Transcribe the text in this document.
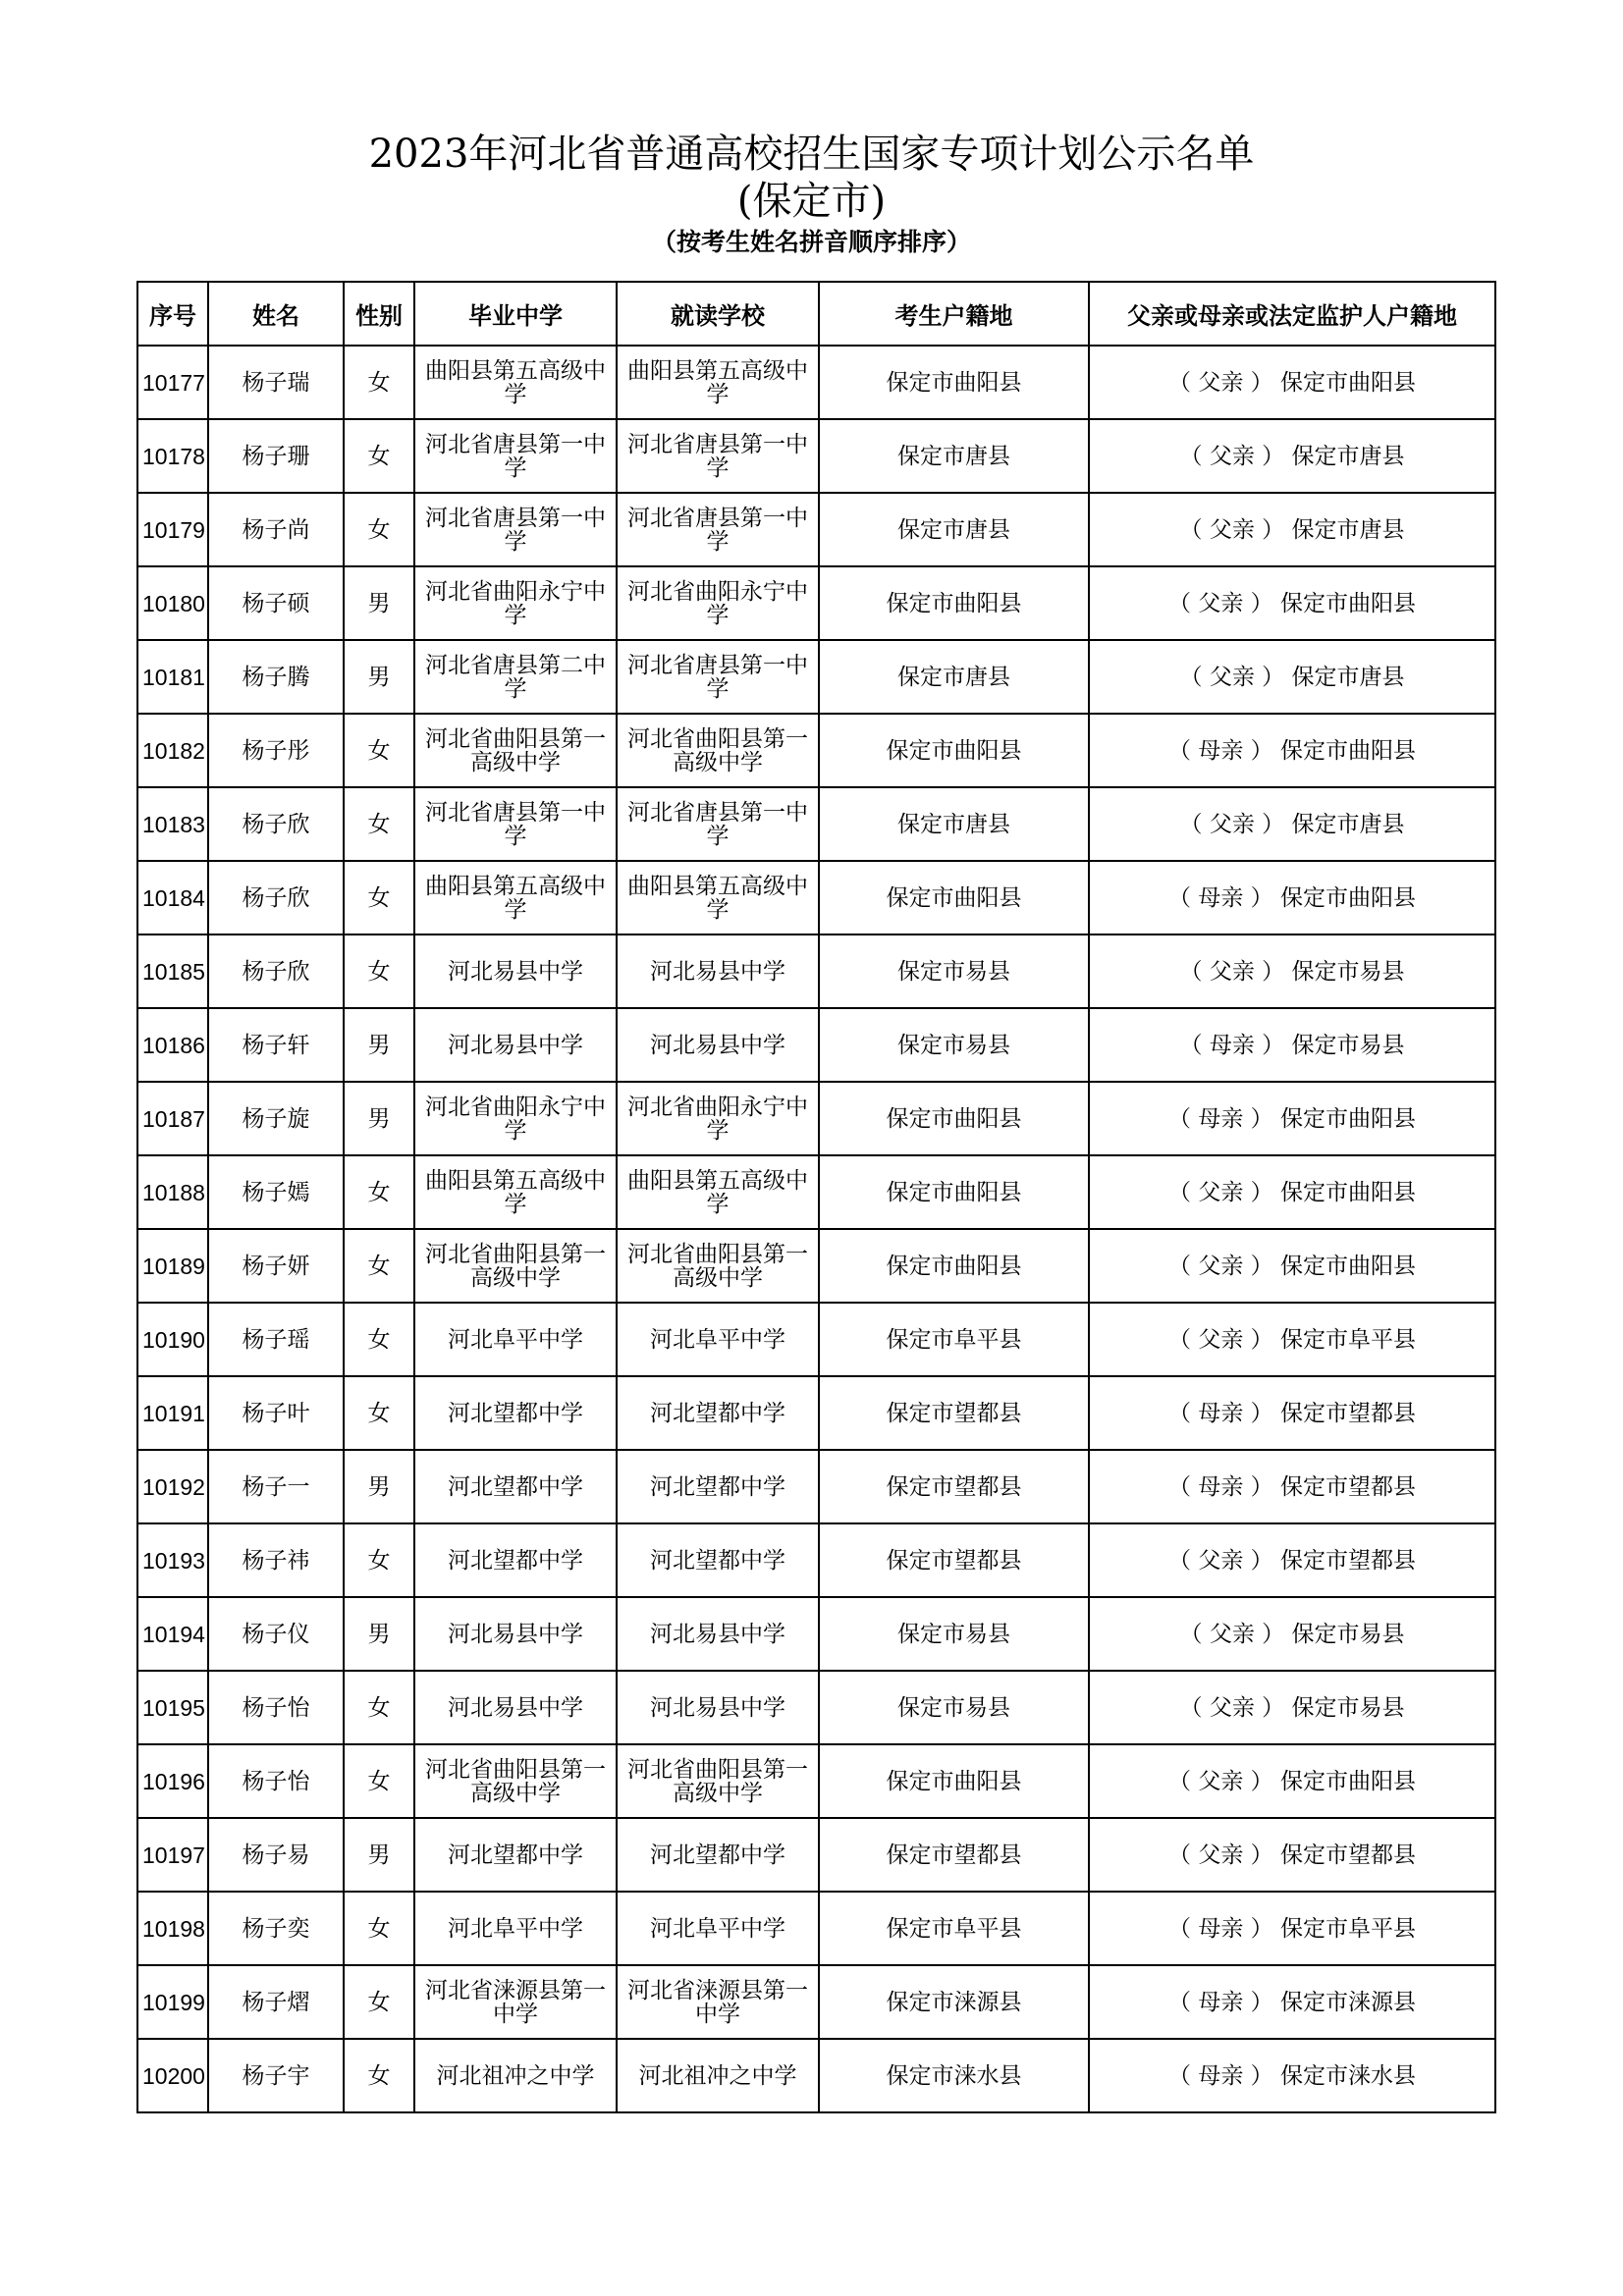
2023年河北省普通高校招生国家专项计划公示名单
(保定市)
（按考生姓名拼音顺序排序）
序号	姓名	性别	毕业中学	就读学校	考生户籍地	父亲或母亲或法定监护人户籍地
10177	杨子瑞	女	曲阳县第五高级中学	曲阳县第五高级中学	保定市曲阳县	（ 父亲 ） 保定市曲阳县
10178	杨子珊	女	河北省唐县第一中学	河北省唐县第一中学	保定市唐县	（ 父亲 ） 保定市唐县
10179	杨子尚	女	河北省唐县第一中学	河北省唐县第一中学	保定市唐县	（ 父亲 ） 保定市唐县
10180	杨子硕	男	河北省曲阳永宁中学	河北省曲阳永宁中学	保定市曲阳县	（ 父亲 ） 保定市曲阳县
10181	杨子腾	男	河北省唐县第二中学	河北省唐县第一中学	保定市唐县	（ 父亲 ） 保定市唐县
10182	杨子彤	女	河北省曲阳县第一高级中学	河北省曲阳县第一高级中学	保定市曲阳县	（ 母亲 ） 保定市曲阳县
10183	杨子欣	女	河北省唐县第一中学	河北省唐县第一中学	保定市唐县	（ 父亲 ） 保定市唐县
10184	杨子欣	女	曲阳县第五高级中学	曲阳县第五高级中学	保定市曲阳县	（ 母亲 ） 保定市曲阳县
10185	杨子欣	女	河北易县中学	河北易县中学	保定市易县	（ 父亲 ） 保定市易县
10186	杨子轩	男	河北易县中学	河北易县中学	保定市易县	（ 母亲 ） 保定市易县
10187	杨子旋	男	河北省曲阳永宁中学	河北省曲阳永宁中学	保定市曲阳县	（ 母亲 ） 保定市曲阳县
10188	杨子嫣	女	曲阳县第五高级中学	曲阳县第五高级中学	保定市曲阳县	（ 父亲 ） 保定市曲阳县
10189	杨子妍	女	河北省曲阳县第一高级中学	河北省曲阳县第一高级中学	保定市曲阳县	（ 父亲 ） 保定市曲阳县
10190	杨子瑶	女	河北阜平中学	河北阜平中学	保定市阜平县	（ 父亲 ） 保定市阜平县
10191	杨子叶	女	河北望都中学	河北望都中学	保定市望都县	（ 母亲 ） 保定市望都县
10192	杨子一	男	河北望都中学	河北望都中学	保定市望都县	（ 母亲 ） 保定市望都县
10193	杨子祎	女	河北望都中学	河北望都中学	保定市望都县	（ 父亲 ） 保定市望都县
10194	杨子仪	男	河北易县中学	河北易县中学	保定市易县	（ 父亲 ） 保定市易县
10195	杨子怡	女	河北易县中学	河北易县中学	保定市易县	（ 父亲 ） 保定市易县
10196	杨子怡	女	河北省曲阳县第一高级中学	河北省曲阳县第一高级中学	保定市曲阳县	（ 父亲 ） 保定市曲阳县
10197	杨子易	男	河北望都中学	河北望都中学	保定市望都县	（ 父亲 ） 保定市望都县
10198	杨子奕	女	河北阜平中学	河北阜平中学	保定市阜平县	（ 母亲 ） 保定市阜平县
10199	杨子熠	女	河北省涞源县第一中学	河北省涞源县第一中学	保定市涞源县	（ 母亲 ） 保定市涞源县
10200	杨子宇	女	河北祖冲之中学	河北祖冲之中学	保定市涞水县	（ 母亲 ） 保定市涞水县
